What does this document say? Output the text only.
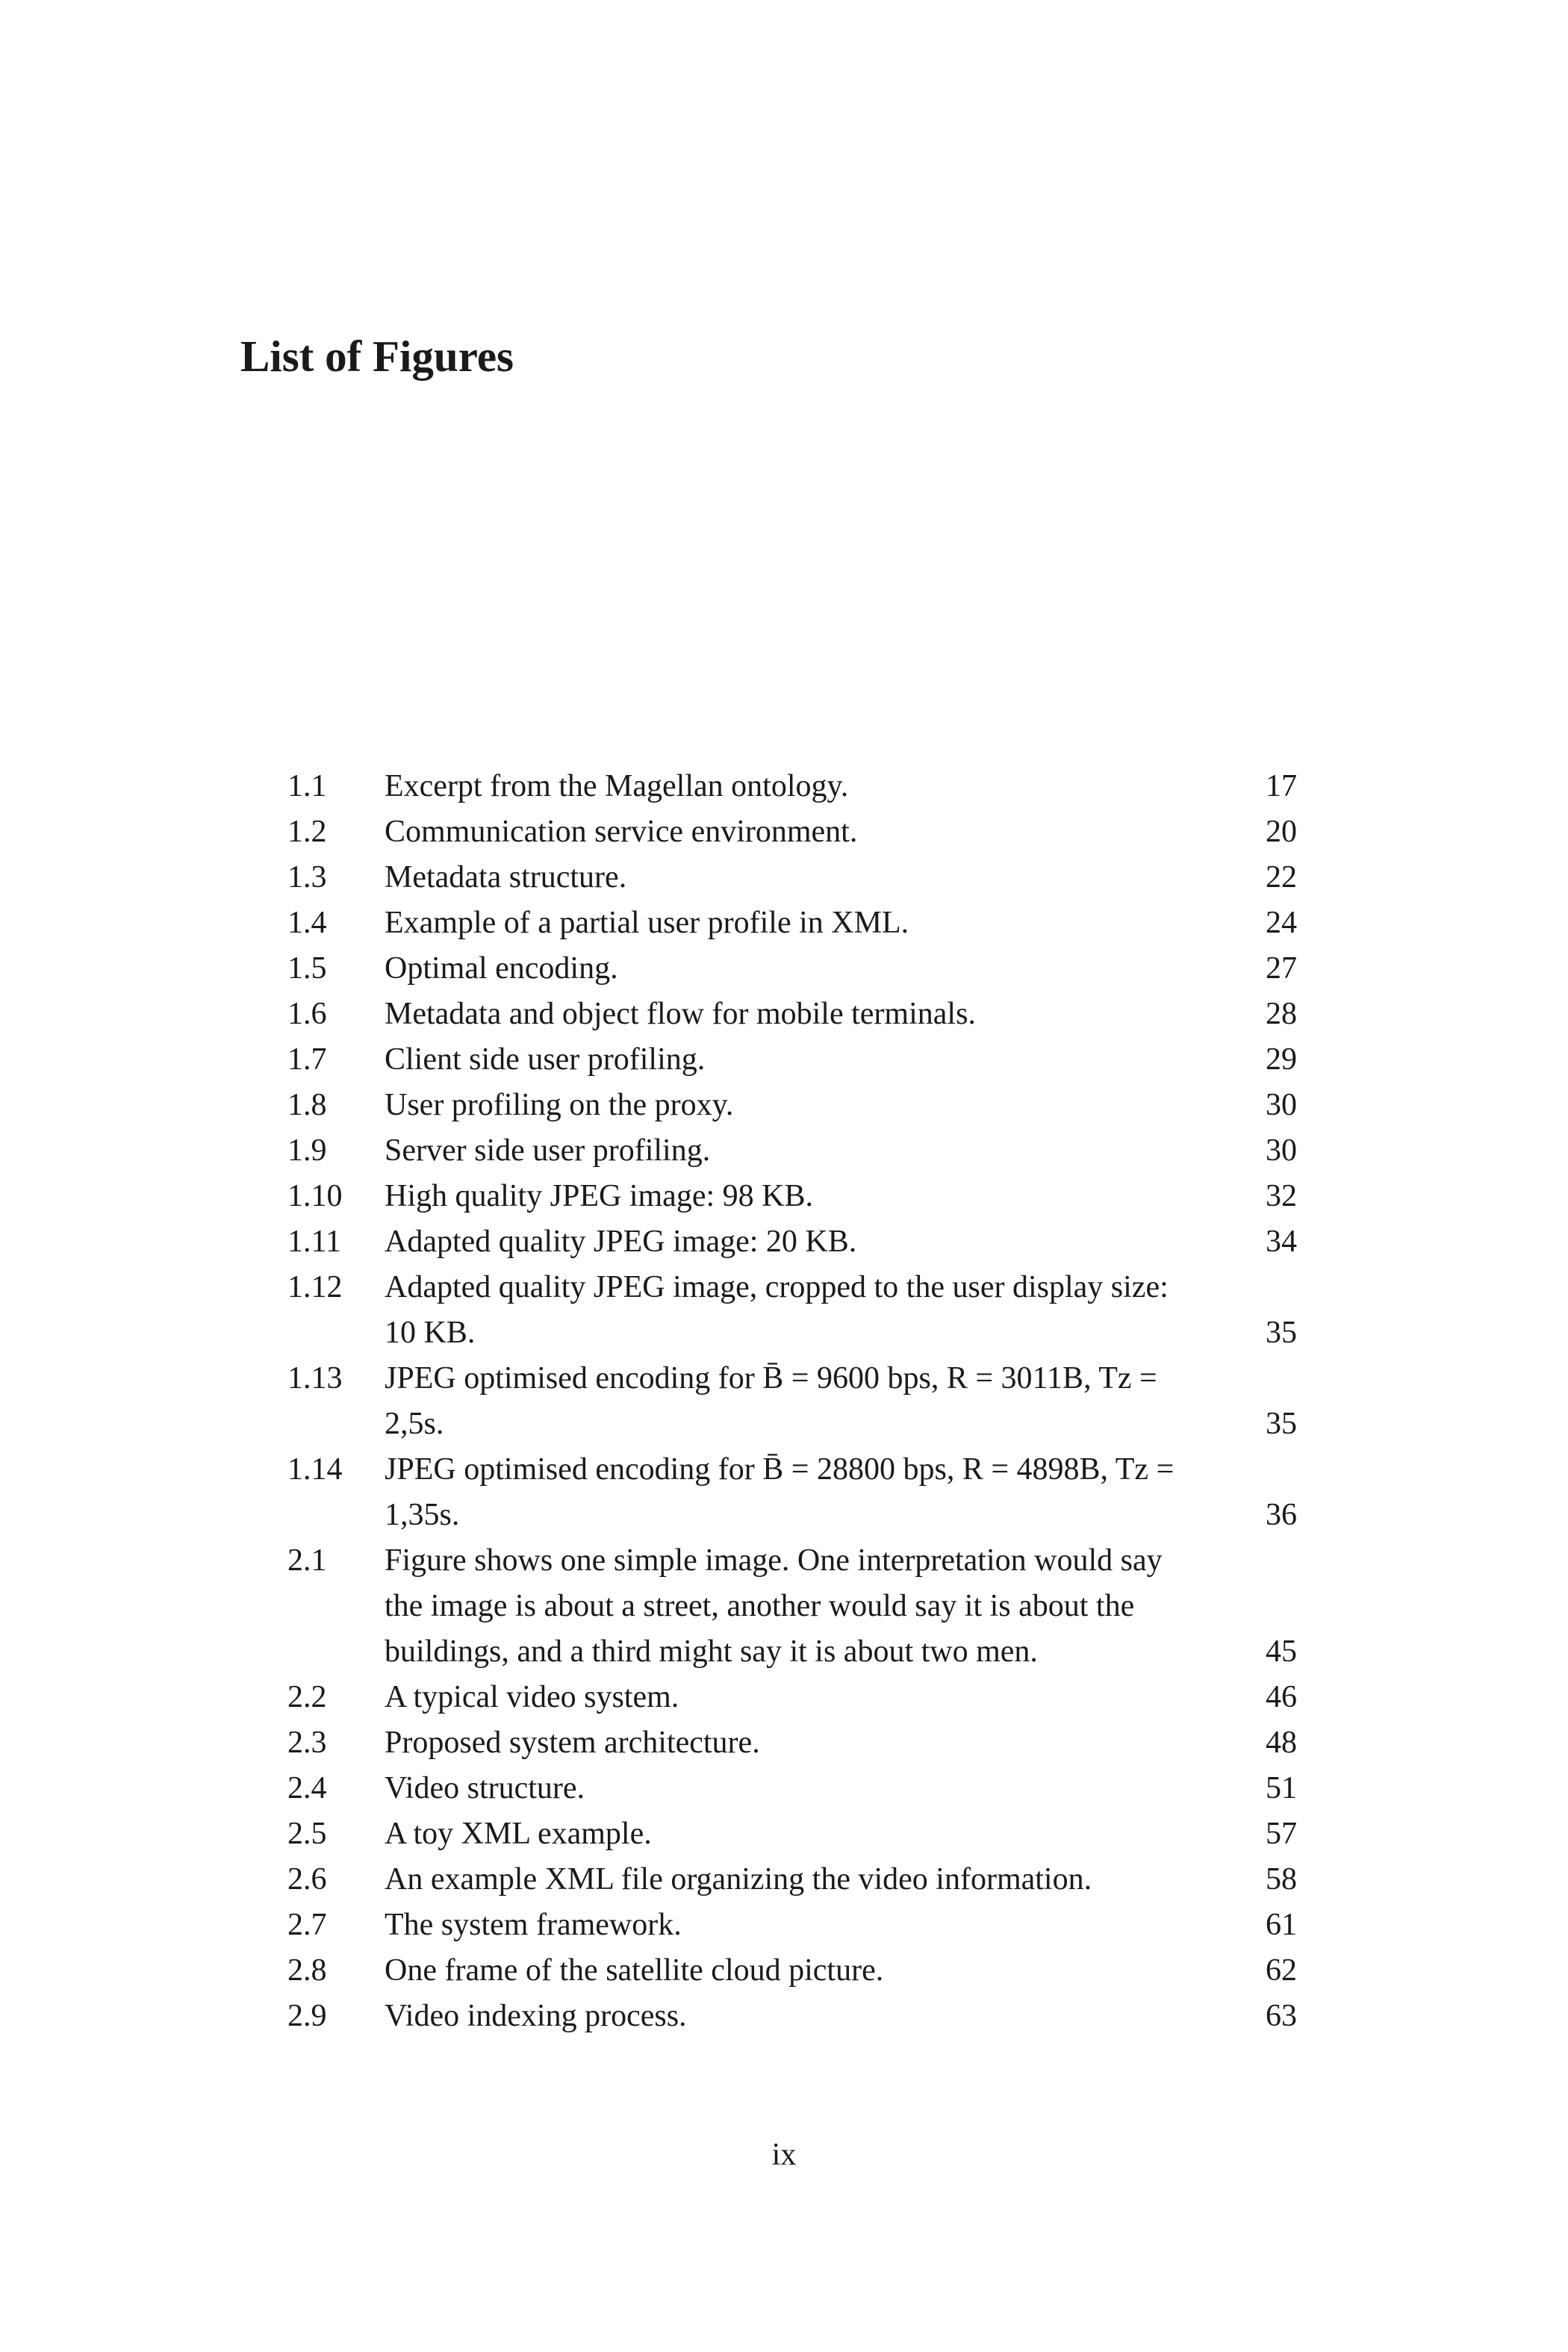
List of Figures
1.1	Excerpt from the Magellan ontology.	17
1.2	Communication service environment.	20
1.3	Metadata structure.	22
1.4	Example of a partial user profile in XML.	24
1.5	Optimal encoding.	27
1.6	Metadata and object flow for mobile terminals.	28
1.7	Client side user profiling.	29
1.8	User profiling on the proxy.	30
1.9	Server side user profiling.	30
1.10	High quality JPEG image: 98 KB.	32
1.11	Adapted quality JPEG image: 20 KB.	34
1.12	Adapted quality JPEG image, cropped to the user display size: 10 KB.	35
1.13	JPEG optimised encoding for B̄ = 9600 bps, R = 3011B, Tz = 2,5s.	35
1.14	JPEG optimised encoding for B̄ = 28800 bps, R = 4898B, Tz = 1,35s.	36
2.1	Figure shows one simple image. One interpretation would say the image is about a street, another would say it is about the buildings, and a third might say it is about two men.	45
2.2	A typical video system.	46
2.3	Proposed system architecture.	48
2.4	Video structure.	51
2.5	A toy XML example.	57
2.6	An example XML file organizing the video information.	58
2.7	The system framework.	61
2.8	One frame of the satellite cloud picture.	62
2.9	Video indexing process.	63
ix
